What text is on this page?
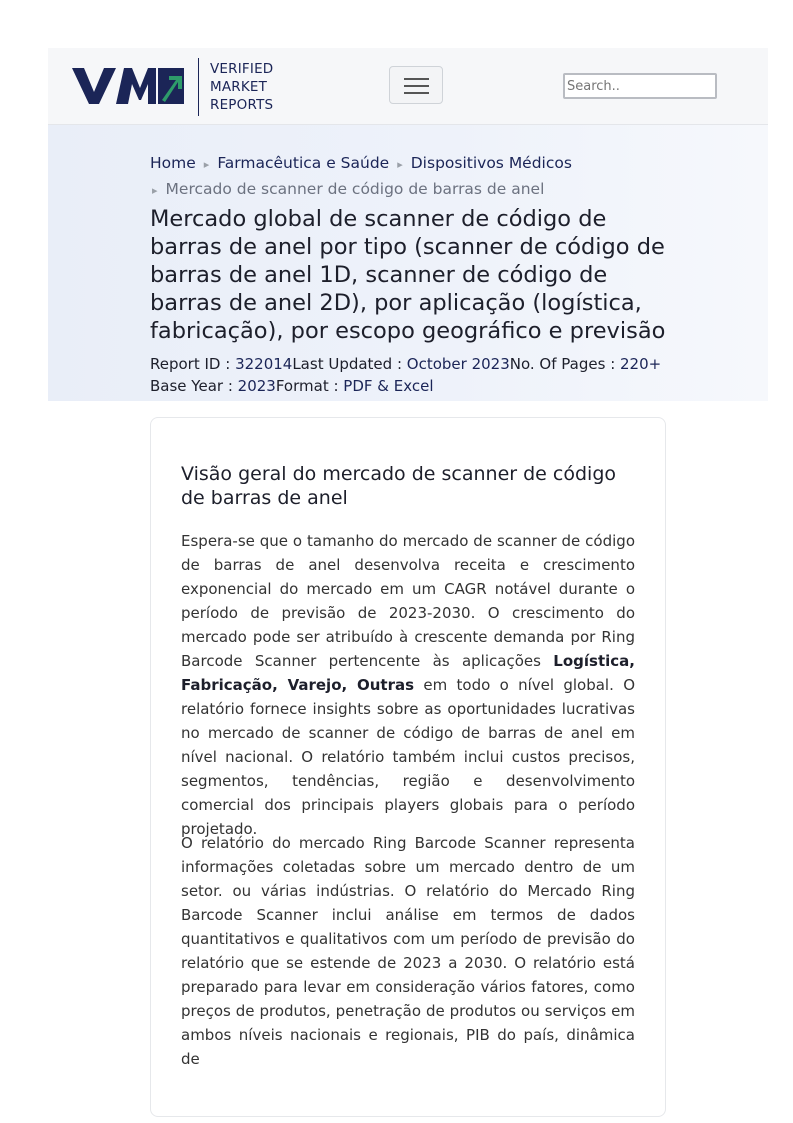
VERIFIED
MARKET
REPORTS
Search..
Home ▸ Farmacêutica e Saúde ▸ Dispositivos Médicos
▸ Mercado de scanner de código de barras de anel
Mercado global de scanner de código de barras de anel por tipo (scanner de código de barras de anel 1D, scanner de código de barras de anel 2D), por aplicação (logística, fabricação), por escopo geográfico e previsão
Report ID : 322014Last Updated : October 2023No. Of Pages : 220+
Base Year : 2023Format : PDF & Excel
Visão geral do mercado de scanner de código de barras de anel

Espera-se que o tamanho do mercado de scanner de código de barras de anel desenvolva receita e crescimento exponencial do mercado em um CAGR notável durante o período de previsão de 2023-2030. O crescimento do mercado pode ser atribuído à crescente demanda por Ring Barcode Scanner pertencente às aplicações Logística, Fabricação, Varejo, Outras em todo o nível global. O relatório fornece insights sobre as oportunidades lucrativas no mercado de scanner de código de barras de anel em nível nacional. O relatório também inclui custos precisos, segmentos, tendências, região e desenvolvimento comercial dos principais players globais para o período projetado.

O relatório do mercado Ring Barcode Scanner representa informações coletadas sobre um mercado dentro de um setor. ou várias indústrias. O relatório do Mercado Ring Barcode Scanner inclui análise em termos de dados quantitativos e qualitativos com um período de previsão do relatório que se estende de 2023 a 2030. O relatório está preparado para levar em consideração vários fatores, como preços de produtos, penetração de produtos ou serviços em ambos níveis nacionais e regionais, PIB do país, dinâmica de
